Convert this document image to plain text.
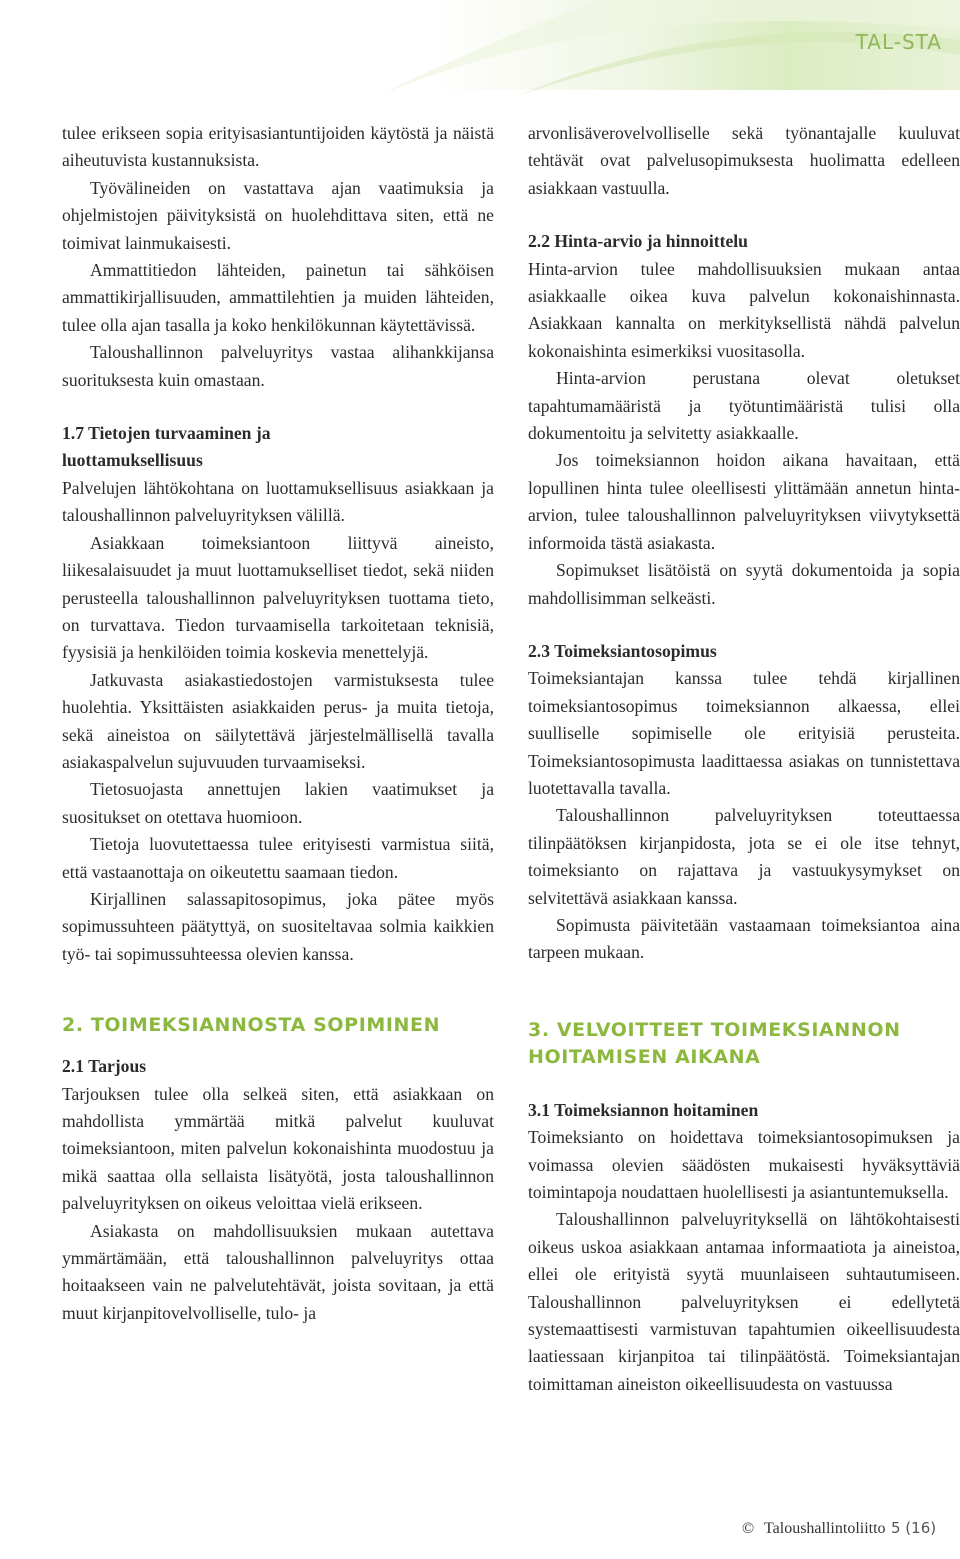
TAL-STA

tulee erikseen sopia erityisasiantuntijoiden käytöstä ja näistä aiheutuvista kustannuksista.

Työvälineiden on vastattava ajan vaatimuksia ja ohjelmistojen päivityksistä on huolehdittava siten, että ne toimivat lainmukaisesti.

Ammattitiedon lähteiden, painetun tai sähköisen ammattikirjallisuuden, ammattilehtien ja muiden lähteiden, tulee olla ajan tasalla ja koko henkilökunnan käytettävissä.

Taloushallinnon palveluyritys vastaa alihankkijansa suorituksesta kuin omastaan.

1.7 Tietojen turvaaminen ja luottamuksellisuus

Palvelujen lähtökohtana on luottamuksellisuus asiakkaan ja taloushallinnon palveluyrityksen välillä.

Asiakkaan toimeksiantoon liittyvä aineisto, liikesalaisuudet ja muut luottamukselliset tiedot, sekä niiden perusteella taloushallinnon palveluyrityksen tuottama tieto, on turvattava. Tiedon turvaamisella tarkoitetaan teknisiä, fyysisiä ja henkilöiden toimia koskevia menettelyjä.

Jatkuvasta asiakastiedostojen varmistuksesta tulee huolehtia. Yksittäisten asiakkaiden perus- ja muita tietoja, sekä aineistoa on säilytettävä järjestelmällisellä tavalla asiakaspalvelun sujuvuuden turvaamiseksi.

Tietosuojasta annettujen lakien vaatimukset ja suositukset on otettava huomioon.

Tietoja luovutettaessa tulee erityisesti varmistua siitä, että vastaanottaja on oikeutettu saamaan tiedon.

Kirjallinen salassapitosopimus, joka pätee myös sopimussuhteen päätyttyä, on suositeltavaa solmia kaikkien työ- tai sopimussuhteessa olevien kanssa.

2. TOIMEKSIANNOSTA SOPIMINEN

2.1 Tarjous

Tarjouksen tulee olla selkeä siten, että asiakkaan on mahdollista ymmärtää mitkä palvelut kuuluvat toimeksiantoon, miten palvelun kokonaishinta muodostuu ja mikä saattaa olla sellaista lisätyötä, josta taloushallinnon palveluyrityksen on oikeus veloittaa vielä erikseen.

Asiakasta on mahdollisuuksien mukaan autettava ymmärtämään, että taloushallinnon palveluyritys ottaa hoitaakseen vain ne palvelutehtävät, joista sovitaan, ja että muut kirjanpitovelvolliselle, tulo- ja

arvonlisäverovelvolliselle sekä työnantajalle kuuluvat tehtävät ovat palvelusopimuksesta huolimatta edelleen asiakkaan vastuulla.

2.2 Hinta-arvio ja hinnoittelu

Hinta-arvion tulee mahdollisuuksien mukaan antaa asiakkaalle oikea kuva palvelun kokonaishinnasta. Asiakkaan kannalta on merkityksellistä nähdä palvelun kokonaishinta esimerkiksi vuositasolla.

Hinta-arvion perustana olevat oletukset tapahtumamääristä ja työtuntimääristä tulisi olla dokumentoitu ja selvitetty asiakkaalle.

Jos toimeksiannon hoidon aikana havaitaan, että lopullinen hinta tulee oleellisesti ylittämään annetun hinta-arvion, tulee taloushallinnon palveluyrityksen viivytyksettä informoida tästä asiakasta.

Sopimukset lisätöistä on syytä dokumentoida ja sopia mahdollisimman selkeästi.

2.3 Toimeksiantosopimus

Toimeksiantajan kanssa tulee tehdä kirjallinen toimeksiantosopimus toimeksiannon alkaessa, ellei suulliselle sopimiselle ole erityisiä perusteita. Toimeksiantosopimusta laadittaessa asiakas on tunnistettava luotettavalla tavalla.

Taloushallinnon palveluyrityksen toteuttaessa tilinpäätöksen kirjanpidosta, jota se ei ole itse tehnyt, toimeksianto on rajattava ja vastuukysymykset on selvitettävä asiakkaan kanssa.

Sopimusta päivitetään vastaamaan toimeksiantoa aina tarpeen mukaan.

3. VELVOITTEET TOIMEKSIANNON

HOITAMISEN AIKANA

3.1 Toimeksiannon hoitaminen

Toimeksianto on hoidettava toimeksiantosopimuksen ja voimassa olevien säädösten mukaisesti hyväksyttäviä toimintapoja noudattaen huolellisesti ja asiantuntemuksella.

Taloushallinnon palveluyrityksellä on lähtökohtaisesti oikeus uskoa asiakkaan antamaa informaatiota ja aineistoa, ellei ole erityistä syytä muunlaiseen suhtautumiseen. Taloushallinnon palveluyrityksen ei edellytetä systemaattisesti varmistuvan tapahtumien oikeellisuudesta laatiessaan kirjanpitoa tai tilinpäätöstä. Toimeksiantajan toimittaman aineiston oikeellisuudesta on vastuussa

© Taloushallintoliitto 5 (16)
